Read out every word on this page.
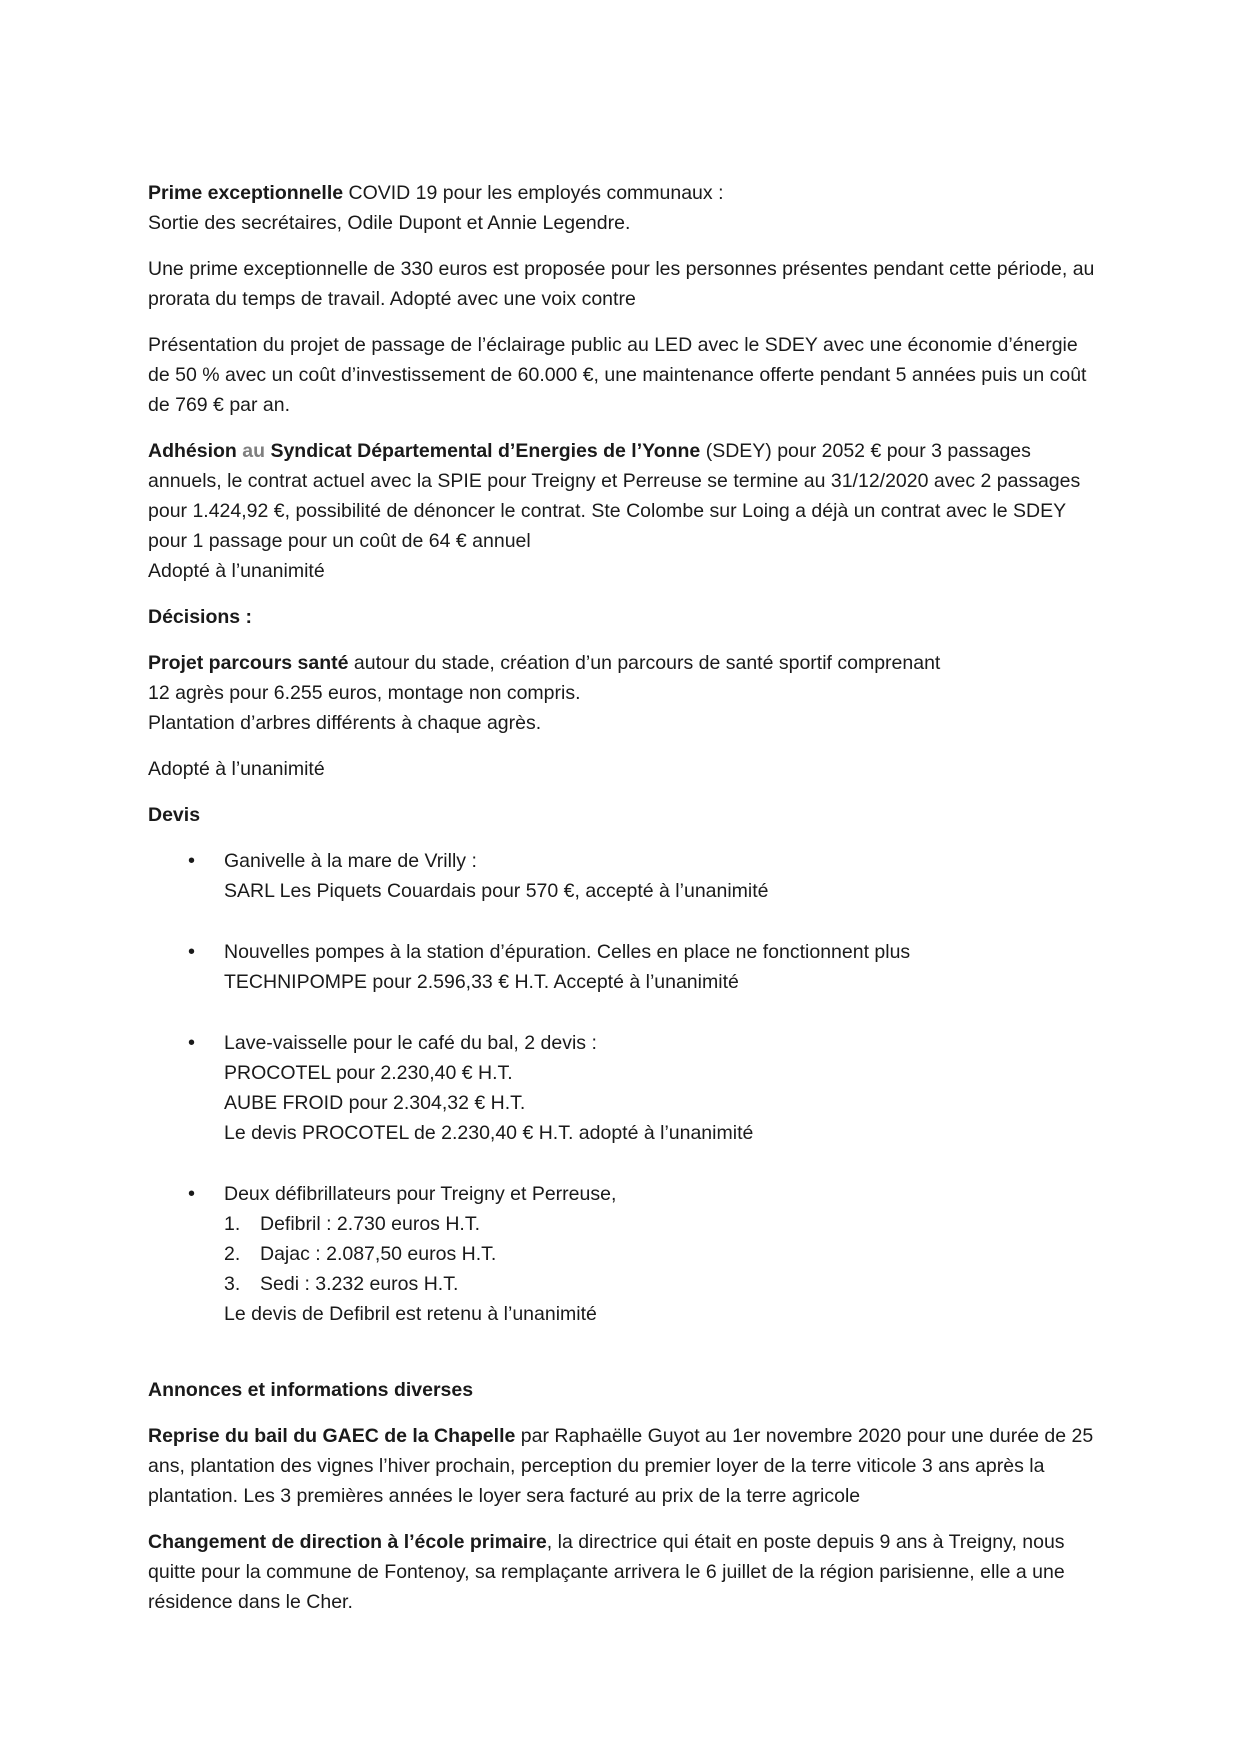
Prime exceptionnelle COVID 19 pour les employés communaux :
Sortie des secrétaires, Odile Dupont et Annie Legendre.

Une prime exceptionnelle de 330 euros est proposée pour les personnes présentes pendant cette période, au prorata du temps de travail. Adopté avec une voix contre

Présentation du projet de passage de l’éclairage public au LED avec le SDEY avec une économie d’énergie de 50 % avec un coût d’investissement de 60.000 €, une maintenance offerte pendant 5 années puis un coût de 769 € par an.

Adhésion au Syndicat Départemental d’Energies de l’Yonne (SDEY) pour 2052 € pour 3 passages annuels, le contrat actuel avec la SPIE pour Treigny et Perreuse se termine au 31/12/2020 avec 2 passages pour 1.424,92 €, possibilité de dénoncer le contrat. Ste Colombe sur Loing a déjà un contrat avec le SDEY pour 1 passage pour un coût de 64 € annuel
Adopté à l’unanimité

Décisions :

Projet parcours santé autour du stade, création d’un parcours de santé sportif comprenant
12 agrès pour 6.255 euros, montage non compris.
Plantation d’arbres différents à chaque agrès.

Adopté à l’unanimité

Devis

• Ganivelle à la mare de Vrilly :
SARL Les Piquets Couardais pour 570 €, accepté à l’unanimité
• Nouvelles pompes à la station d’épuration. Celles en place ne fonctionnent plus
TECHNIPOMPE pour 2.596,33 € H.T. Accepté à l’unanimité
• Lave-vaisselle pour le café du bal, 2 devis :
PROCOTEL pour 2.230,40 € H.T.
AUBE FROID pour 2.304,32 € H.T.
Le devis PROCOTEL de 2.230,40 € H.T. adopté à l’unanimité
• Deux défibrillateurs pour Treigny et Perreuse,
1.	Defibril : 2.730 euros H.T.
2.	Dajac : 2.087,50 euros H.T.
3.	Sedi : 3.232 euros H.T.
Le devis de Defibril est retenu à l’unanimité

Annonces et informations diverses

Reprise du bail du GAEC de la Chapelle par Raphaëlle Guyot au 1er novembre 2020 pour une durée de 25 ans, plantation des vignes l’hiver prochain, perception du premier loyer de la terre viticole 3 ans après la plantation. Les 3 premières années le loyer sera facturé au prix de la terre agricole

Changement de direction à l’école primaire, la directrice qui était en poste depuis 9 ans à Treigny, nous quitte pour la commune de Fontenoy, sa remplaçante arrivera le 6 juillet de la région parisienne, elle a une résidence dans le Cher.
